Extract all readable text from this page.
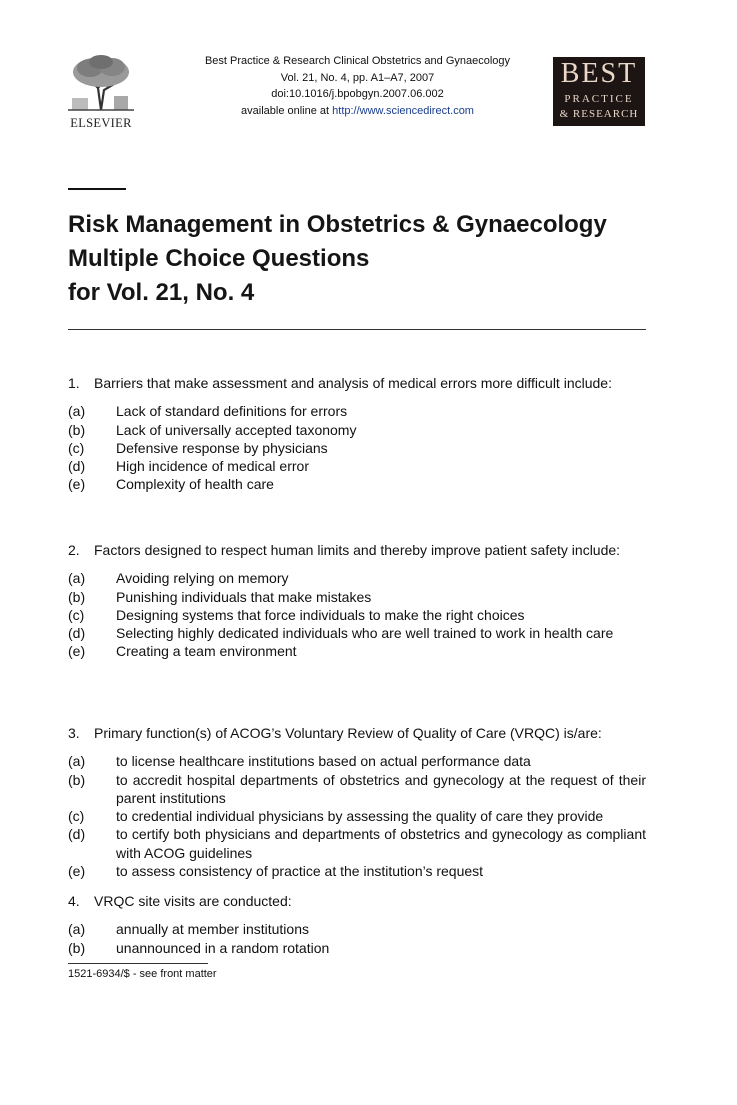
ELSEVIER
Best Practice & Research Clinical Obstetrics and Gynaecology
Vol. 21, No. 4, pp. A1–A7, 2007
doi:10.1016/j.bpobgyn.2007.06.002
available online at http://www.sciencedirect.com
BEST
PRACTICE
& RESEARCH
Risk Management in Obstetrics & Gynaecology
Multiple Choice Questions
for Vol. 21, No. 4
1.	Barriers that make assessment and analysis of medical errors more difficult include:
(a)	Lack of standard definitions for errors
(b)	Lack of universally accepted taxonomy
(c)	Defensive response by physicians
(d)	High incidence of medical error
(e)	Complexity of health care
2.	Factors designed to respect human limits and thereby improve patient safety include:
(a)	Avoiding relying on memory
(b)	Punishing individuals that make mistakes
(c)	Designing systems that force individuals to make the right choices
(d)	Selecting highly dedicated individuals who are well trained to work in health care
(e)	Creating a team environment
3.	Primary function(s) of ACOG’s Voluntary Review of Quality of Care (VRQC) is/are:
(a)	to license healthcare institutions based on actual performance data
(b)	to accredit hospital departments of obstetrics and gynecology at the request of their parent institutions
(c)	to credential individual physicians by assessing the quality of care they provide
(d)	to certify both physicians and departments of obstetrics and gynecology as compliant with ACOG guidelines
(e)	to assess consistency of practice at the institution’s request
4.	VRQC site visits are conducted:
(a)	annually at member institutions
(b)	unannounced in a random rotation
1521-6934/$ - see front matter
